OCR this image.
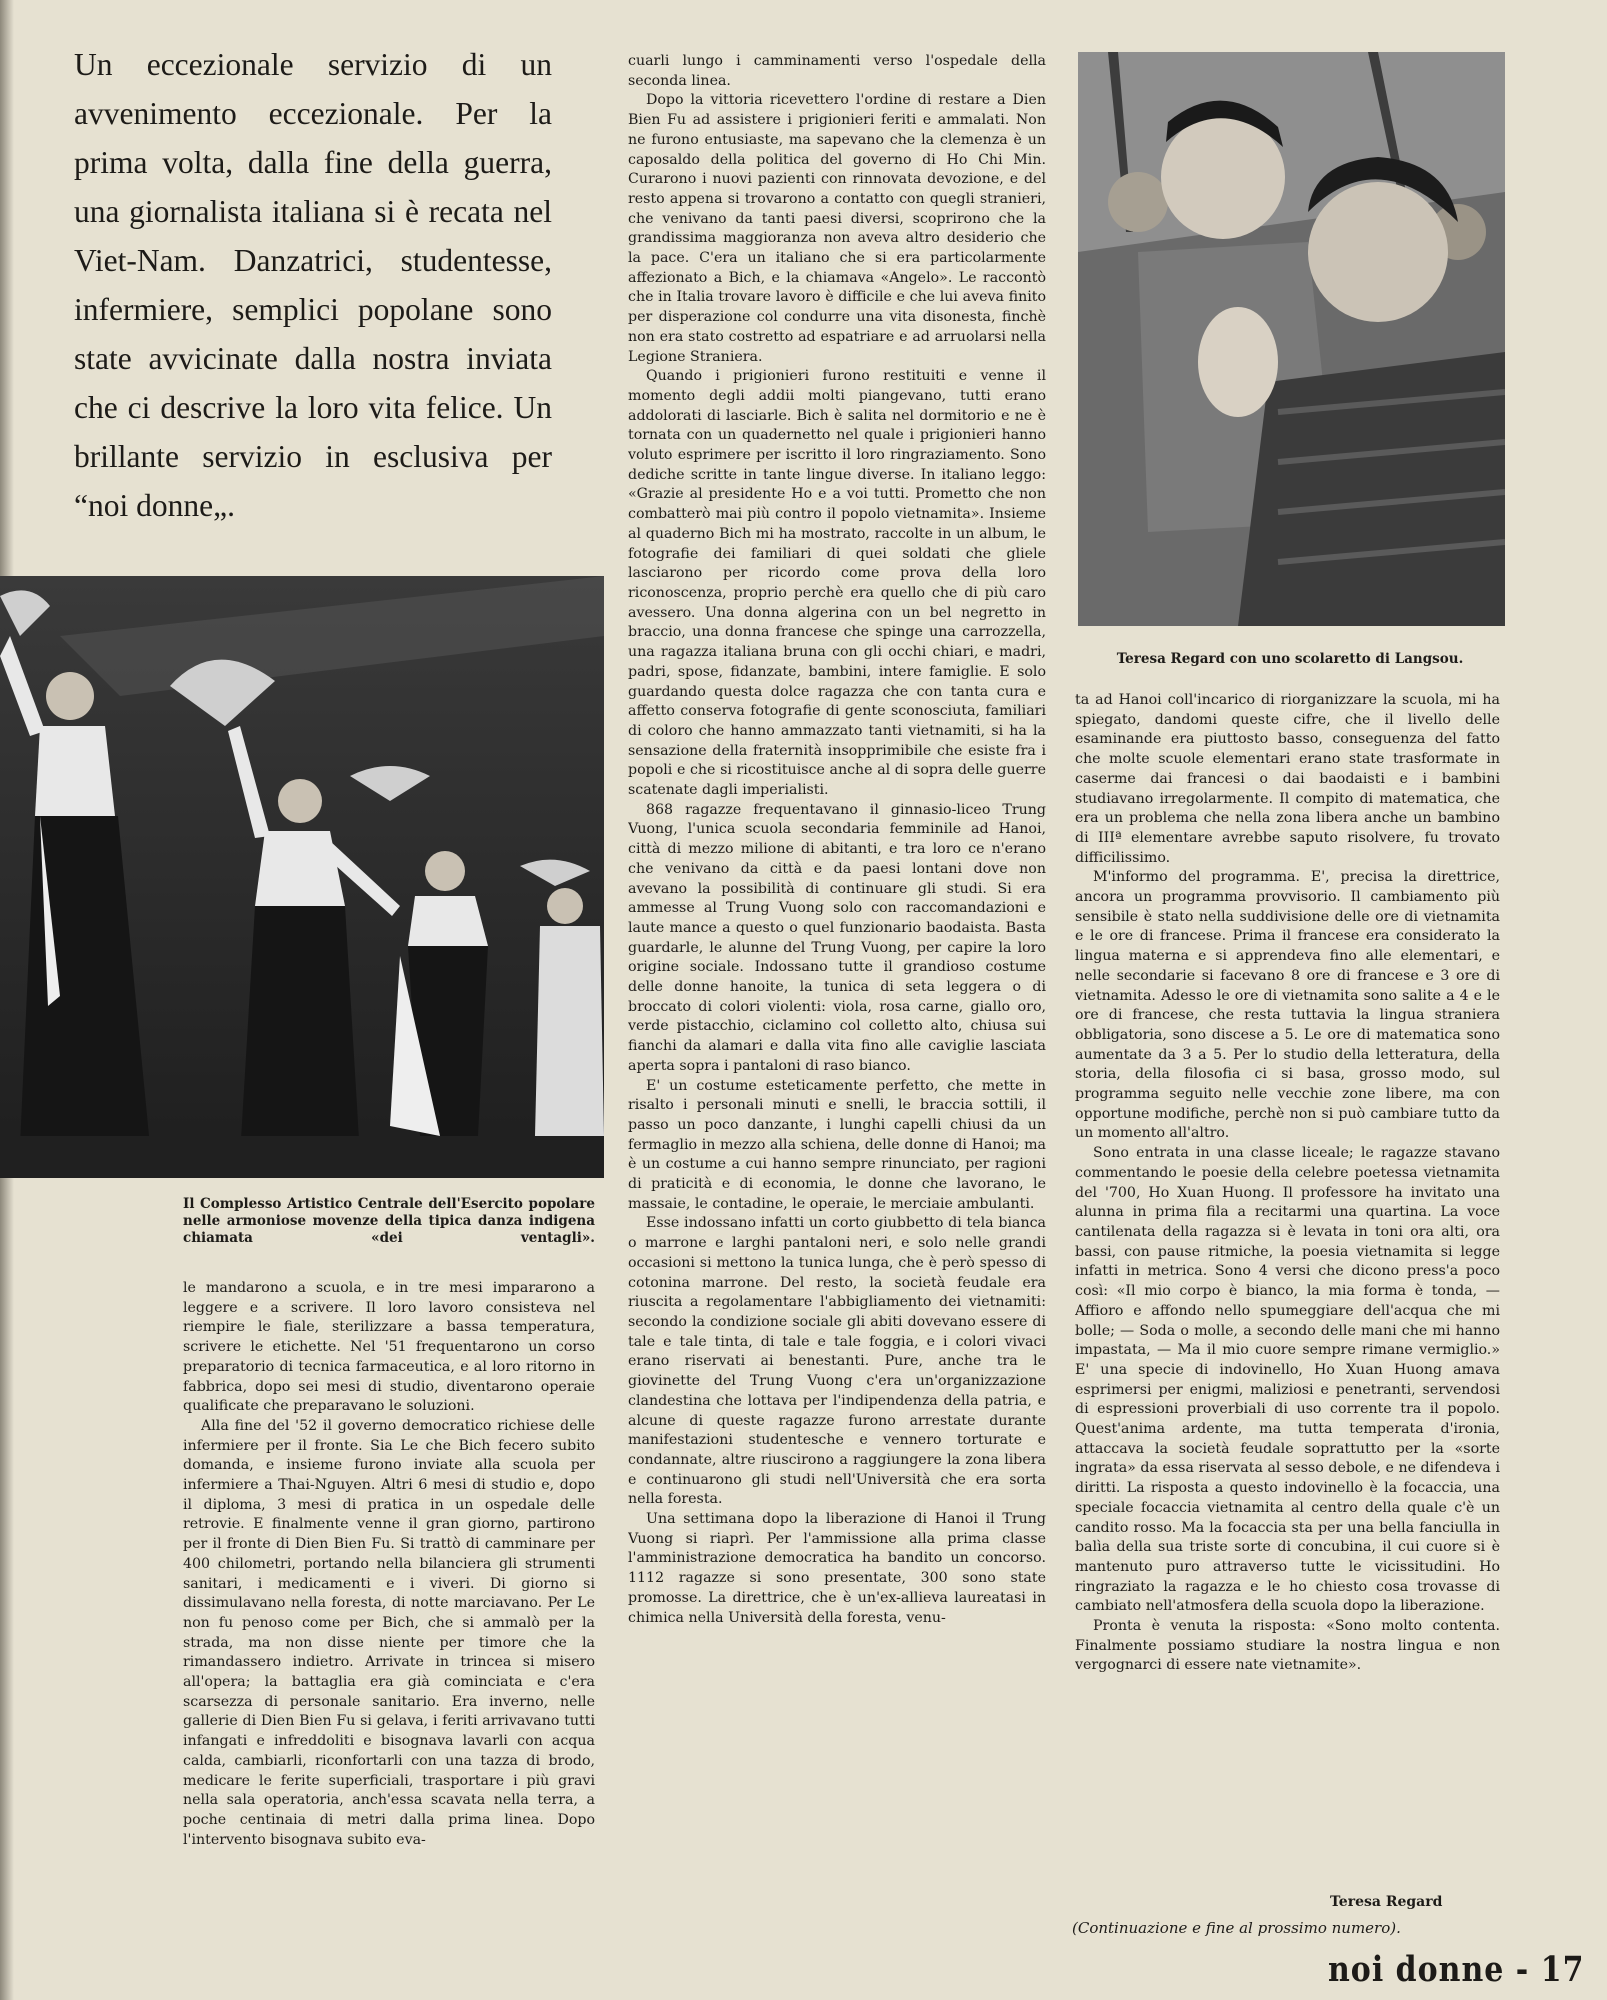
Un eccezionale servizio di un avvenimento eccezionale. Per la prima volta, dalla fine della guerra, una giornalista italiana si è recata nel Viet-Nam. Danzatrici, studentesse, infermiere, semplici popolane sono state avvicinate dalla nostra inviata che ci descrive la loro vita felice. Un brillante servizio in esclusiva per “noi donne„.
Il Complesso Artistico Centrale dell'Esercito popolare nelle armoniose movenze della tipica danza indigena chiamata «dei ventagli».
Teresa Regard con uno scolaretto di Langsou.

le mandarono a scuola, e in tre mesi impararono a leggere e a scrivere. Il loro lavoro consisteva nel riempire le fiale, sterilizzare a bassa temperatura, scrivere le etichette. Nel '51 frequentarono un corso preparatorio di tecnica farmaceutica, e al loro ritorno in fabbrica, dopo sei mesi di studio, diventarono operaie qualificate che preparavano le soluzioni.

Alla fine del '52 il governo democratico richiese delle infermiere per il fronte. Sia Le che Bich fecero subito domanda, e insieme furono inviate alla scuola per infermiere a Thai-Nguyen. Altri 6 mesi di studio e, dopo il diploma, 3 mesi di pratica in un ospedale delle retrovie. E finalmente venne il gran giorno, partirono per il fronte di Dien Bien Fu. Si trattò di camminare per 400 chilometri, portando nella bilanciera gli strumenti sanitari, i medicamenti e i viveri. Di giorno si dissimulavano nella foresta, di notte marciavano. Per Le non fu penoso come per Bich, che si ammalò per la strada, ma non disse niente per timore che la rimandassero indietro. Arrivate in trincea si misero all'opera; la battaglia era già cominciata e c'era scarsezza di personale sanitario. Era inverno, nelle gallerie di Dien Bien Fu si gelava, i feriti arrivavano tutti infangati e infreddoliti e bisognava lavarli con acqua calda, cambiarli, riconfortarli con una tazza di brodo, medicare le ferite superficiali, trasportare i più gravi nella sala operatoria, anch'essa scavata nella terra, a poche centinaia di metri dalla prima linea. Dopo l'intervento bisognava subito eva-

cuarli lungo i camminamenti verso l'ospedale della seconda linea.

Dopo la vittoria ricevettero l'ordine di restare a Dien Bien Fu ad assistere i prigionieri feriti e ammalati. Non ne furono entusiaste, ma sapevano che la clemenza è un caposaldo della politica del governo di Ho Chi Min. Curarono i nuovi pazienti con rinnovata devozione, e del resto appena si trovarono a contatto con quegli stranieri, che venivano da tanti paesi diversi, scoprirono che la grandissima maggioranza non aveva altro desiderio che la pace. C'era un italiano che si era particolarmente affezionato a Bich, e la chiamava «Angelo». Le raccontò che in Italia trovare lavoro è difficile e che lui aveva finito per disperazione col condurre una vita disonesta, finchè non era stato costretto ad espatriare e ad arruolarsi nella Legione Straniera.

Quando i prigionieri furono restituiti e venne il momento degli addii molti piangevano, tutti erano addolorati di lasciarle. Bich è salita nel dormitorio e ne è tornata con un quadernetto nel quale i prigionieri hanno voluto esprimere per iscritto il loro ringraziamento. Sono dediche scritte in tante lingue diverse. In italiano leggo: «Grazie al presidente Ho e a voi tutti. Prometto che non combatterò mai più contro il popolo vietnamita». Insieme al quaderno Bich mi ha mostrato, raccolte in un album, le fotografie dei familiari di quei soldati che gliele lasciarono per ricordo come prova della loro riconoscenza, proprio perchè era quello che di più caro avessero. Una donna algerina con un bel negretto in braccio, una donna francese che spinge una carrozzella, una ragazza italiana bruna con gli occhi chiari, e madri, padri, spose, fidanzate, bambini, intere famiglie. E solo guardando questa dolce ragazza che con tanta cura e affetto conserva fotografie di gente sconosciuta, familiari di coloro che hanno ammazzato tanti vietnamiti, si ha la sensazione della fraternità insopprimibile che esiste fra i popoli e che si ricostituisce anche al di sopra delle guerre scatenate dagli imperialisti.

868 ragazze frequentavano il ginnasio-liceo Trung Vuong, l'unica scuola secondaria femminile ad Hanoi, città di mezzo milione di abitanti, e tra loro ce n'erano che venivano da città e da paesi lontani dove non avevano la possibilità di continuare gli studi. Si era ammesse al Trung Vuong solo con raccomandazioni e laute mance a questo o quel funzionario baodaista. Basta guardarle, le alunne del Trung Vuong, per capire la loro origine sociale. Indossano tutte il grandioso costume delle donne hanoite, la tunica di seta leggera o di broccato di colori violenti: viola, rosa carne, giallo oro, verde pistacchio, ciclamino col colletto alto, chiusa sui fianchi da alamari e dalla vita fino alle caviglie lasciata aperta sopra i pantaloni di raso bianco.

E' un costume esteticamente perfetto, che mette in risalto i personali minuti e snelli, le braccia sottili, il passo un poco danzante, i lunghi capelli chiusi da un fermaglio in mezzo alla schiena, delle donne di Hanoi; ma è un costume a cui hanno sempre rinunciato, per ragioni di praticità e di economia, le donne che lavorano, le massaie, le contadine, le operaie, le merciaie ambulanti.

Esse indossano infatti un corto giubbetto di tela bianca o marrone e larghi pantaloni neri, e solo nelle grandi occasioni si mettono la tunica lunga, che è però spesso di cotonina marrone. Del resto, la società feudale era riuscita a regolamentare l'abbigliamento dei vietnamiti: secondo la condizione sociale gli abiti dovevano essere di tale e tale tinta, di tale e tale foggia, e i colori vivaci erano riservati ai benestanti. Pure, anche tra le giovinette del Trung Vuong c'era un'organizzazione clandestina che lottava per l'indipendenza della patria, e alcune di queste ragazze furono arrestate durante manifestazioni studentesche e vennero torturate e condannate, altre riuscirono a raggiungere la zona libera e continuarono gli studi nell'Università che era sorta nella foresta.

Una settimana dopo la liberazione di Hanoi il Trung Vuong si riaprì. Per l'ammissione alla prima classe l'amministrazione democratica ha bandito un concorso. 1112 ragazze si sono presentate, 300 sono state promosse. La direttrice, che è un'ex-allieva laureatasi in chimica nella Università della foresta, venu-

ta ad Hanoi coll'incarico di riorganizzare la scuola, mi ha spiegato, dandomi queste cifre, che il livello delle esaminande era piuttosto basso, conseguenza del fatto che molte scuole elementari erano state trasformate in caserme dai francesi o dai baodaisti e i bambini studiavano irregolarmente. Il compito di matematica, che era un problema che nella zona libera anche un bambino di IIIª elementare avrebbe saputo risolvere, fu trovato difficilissimo.

M'informo del programma. E', precisa la direttrice, ancora un programma provvisorio. Il cambiamento più sensibile è stato nella suddivisione delle ore di vietnamita e le ore di francese. Prima il francese era considerato la lingua materna e si apprendeva fino alle elementari, e nelle secondarie si facevano 8 ore di francese e 3 ore di vietnamita. Adesso le ore di vietnamita sono salite a 4 e le ore di francese, che resta tuttavia la lingua straniera obbligatoria, sono discese a 5. Le ore di matematica sono aumentate da 3 a 5. Per lo studio della letteratura, della storia, della filosofia ci si basa, grosso modo, sul programma seguito nelle vecchie zone libere, ma con opportune modifiche, perchè non si può cambiare tutto da un momento all'altro.

Sono entrata in una classe liceale; le ragazze stavano commentando le poesie della celebre poetessa vietnamita del '700, Ho Xuan Huong. Il professore ha invitato una alunna in prima fila a recitarmi una quartina. La voce cantilenata della ragazza si è levata in toni ora alti, ora bassi, con pause ritmiche, la poesia vietnamita si legge infatti in metrica. Sono 4 versi che dicono press'a poco così: «Il mio corpo è bianco, la mia forma è tonda, — Affioro e affondo nello spumeggiare dell'acqua che mi bolle; — Soda o molle, a secondo delle mani che mi hanno impastata, — Ma il mio cuore sempre rimane vermiglio.» E' una specie di indovinello, Ho Xuan Huong amava esprimersi per enigmi, maliziosi e penetranti, servendosi di espressioni proverbiali di uso corrente tra il popolo. Quest'anima ardente, ma tutta temperata d'ironia, attaccava la società feudale soprattutto per la «sorte ingrata» da essa riservata al sesso debole, e ne difendeva i diritti. La risposta a questo indovinello è la focaccia, una speciale focaccia vietnamita al centro della quale c'è un candito rosso. Ma la focaccia sta per una bella fanciulla in balìa della sua triste sorte di concubina, il cui cuore si è mantenuto puro attraverso tutte le vicissitudini. Ho ringraziato la ragazza e le ho chiesto cosa trovasse di cambiato nell'atmosfera della scuola dopo la liberazione.

Pronta è venuta la risposta: «Sono molto contenta. Finalmente possiamo studiare la nostra lingua e non vergognarci di essere nate vietnamite».

Teresa Regard
(Continuazione e fine al prossimo numero).
noi donne - 17
